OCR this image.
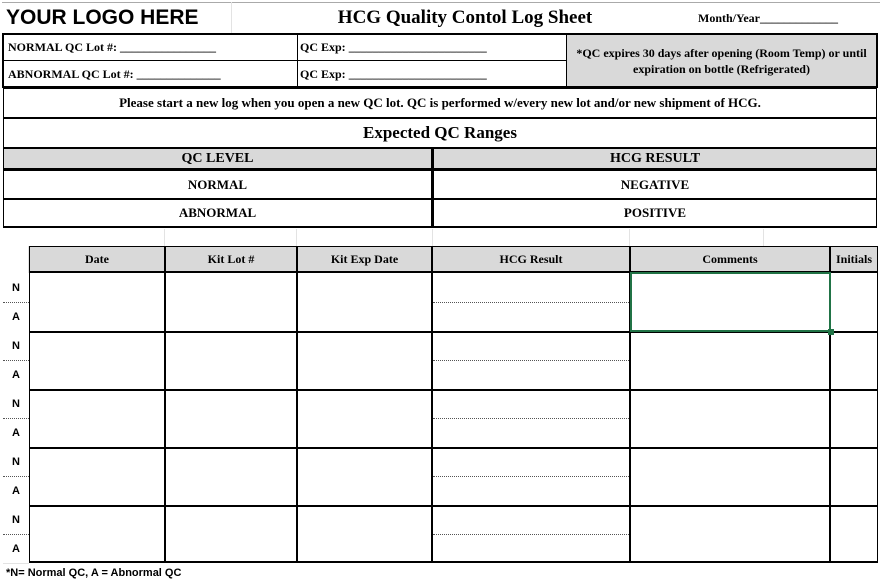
YOUR LOGO HERE	HCG Quality Contol Log Sheet	Month/Year _____________
NORMAL QC Lot #:
________________
ABNORMAL QC Lot #:
______________
QC Exp:
_______________________
QC Exp:
_______________________
*QC expires 30 days after opening (Room Temp) or until expiration on bottle (Refrigerated)
Please start a new log when you open a new QC lot. QC is performed w/every new lot and/or new shipment of HCG.
Expected QC Ranges
QC LEVEL	HCG RESULT
NORMAL	NEGATIVE
ABNORMAL	POSITIVE
Date	Kit Lot #	Kit Exp Date	HCG Result	Comments	Initials
N
A
N
A
N
A
N
A
N
A
*N= Normal QC, A = Abnormal QC
